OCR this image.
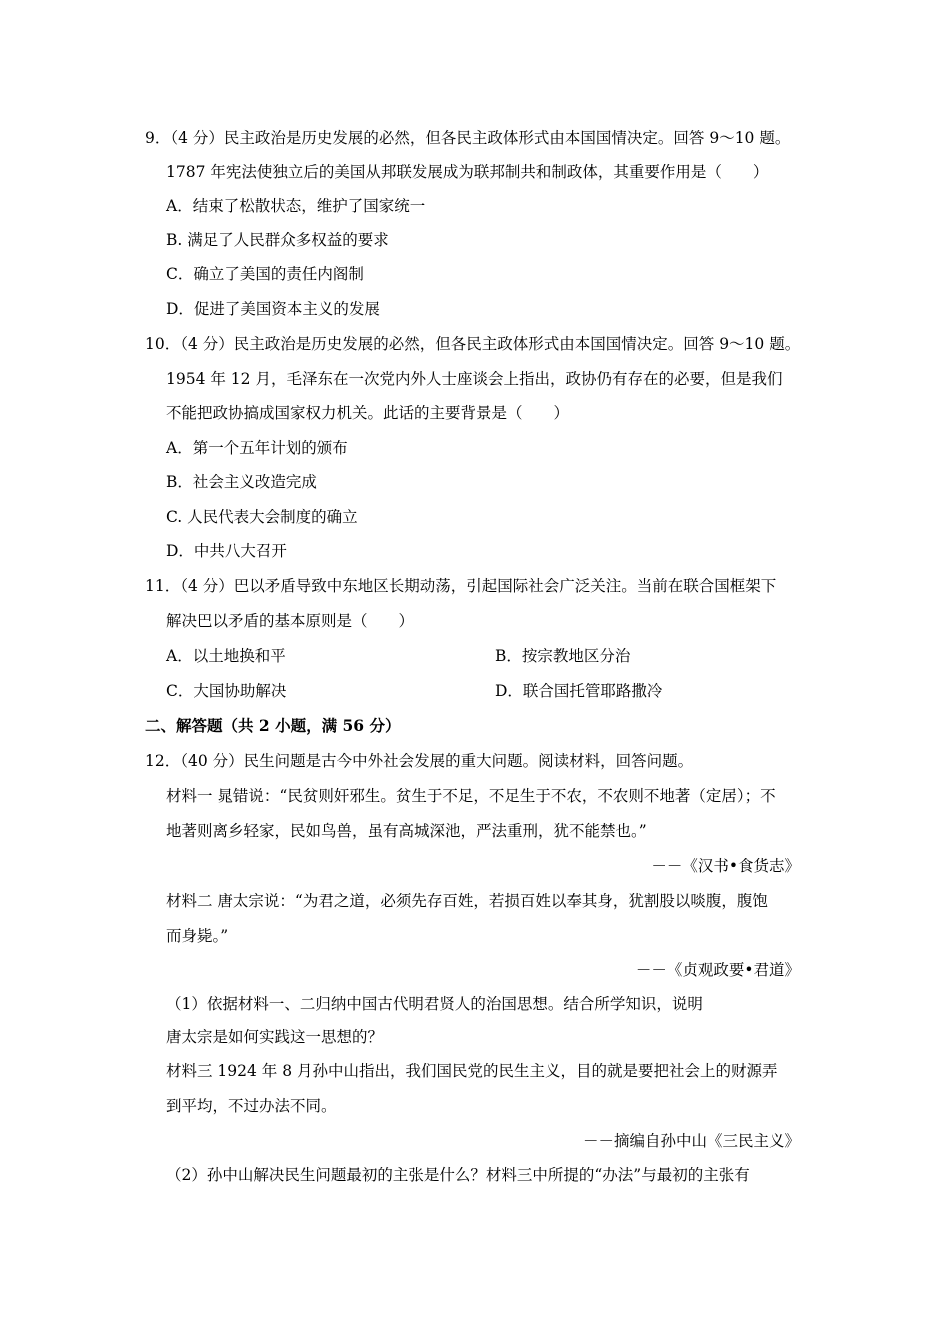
9．（4 分）民主政治是历史发展的必然，但各民主政体形式由本国国情决定。回答 9～10 题。
1787 年宪法使独立后的美国从邦联发展成为联邦制共和制政体，其重要作用是（　　）
A．结束了松散状态，维护了国家统一
B. 满足了人民群众多权益的要求
C．确立了美国的责任内阁制
D．促进了美国资本主义的发展
10．（4 分）民主政治是历史发展的必然，但各民主政体形式由本国国情决定。回答 9～10 题。
1954 年 12 月，毛泽东在一次党内外人士座谈会上指出，政协仍有存在的必要，但是我们
不能把政协搞成国家权力机关。此话的主要背景是（　　）
A．第一个五年计划的颁布
B．社会主义改造完成
C. 人民代表大会制度的确立
D．中共八大召开
11．（4 分）巴以矛盾导致中东地区长期动荡，引起国际社会广泛关注。当前在联合国框架下
解决巴以矛盾的基本原则是（　　）
A．以土地换和平	B．按宗教地区分治
C．大国协助解决	D．联合国托管耶路撒冷
二、解答题（共 2 小题，满 56 分）
12．（40 分）民生问题是古今中外社会发展的重大问题。阅读材料，回答问题。
材料一 晁错说：“民贫则奸邪生。贫生于不足，不足生于不农，不农则不地著（定居）；不
地著则离乡轻家，民如鸟兽，虽有高城深池，严法重刑，犹不能禁也。”
－－《汉书•食货志》
材料二 唐太宗说：“为君之道，必须先存百姓，若损百姓以奉其身，犹割股以啖腹，腹饱
而身毙。”
－－《贞观政要•君道》
（1）依据材料一、二归纳中国古代明君贤人的治国思想。结合所学知识，说明
唐太宗是如何实践这一思想的？
材料三 1924 年 8 月孙中山指出，我们国民党的民生主义，目的就是要把社会上的财源弄
到平均，不过办法不同。
－－摘编自孙中山《三民主义》
（2）孙中山解决民生问题最初的主张是什么？材料三中所提的“办法”与最初的主张有
